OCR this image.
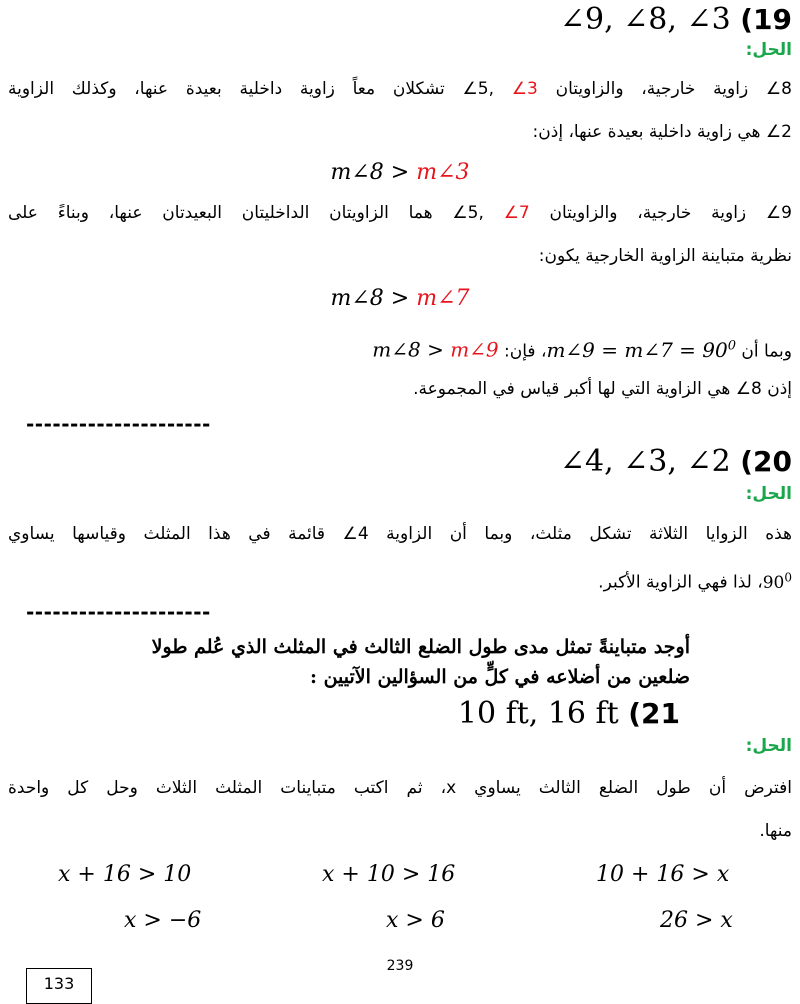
∠9, ∠8, ∠3 (19
الحل:
8∠ زاوية خارجية، والزاويتان 3∠ ,5∠ تشكلان معاً زاوية داخلية بعيدة عنها، وكذلك الزاوية
2∠ هي زاوية داخلية بعيدة عنها، إذن:
m∠8 > m∠3
9∠ زاوية خارجية، والزاويتان 7∠ ,5∠ هما الزاويتان الداخليتان البعيدتان عنها، وبناءً على
نظرية متباينة الزاوية الخارجية يكون:
m∠8 > m∠7
وبما أن m∠9 = m∠7 = $90^0،$ فإن: m∠8 > m∠9
إذن 8∠ هي الزاوية التي لها أكبر قياس في المجموعة.
---------------------
∠4, ∠3, ∠2 (20
الحل:
هذه الزوايا الثلاثة تشكل مثلث، وبما أن الزاوية 4∠ قائمة في هذا المثلث وقياسها يساوي
$90^0،$ لذا فهي الزاوية الأكبر.
---------------------
أوجد متباينةً تمثل مدى طول الضلع الثالث في المثلث الذي عُلم طولا
ضلعين من أضلاعه في كلٍّ من السؤالين الآتيين :
10 ft, 16 ft (21
الحل:
افترض أن طول الضلع الثالث يساوي x، ثم اكتب متباينات المثلث الثلاث وحل كل واحدة
منها.
x + 16 > 10	x + 10 > 16	10 + 16 > x
x > −6	x > 6	26 > x
239
133
